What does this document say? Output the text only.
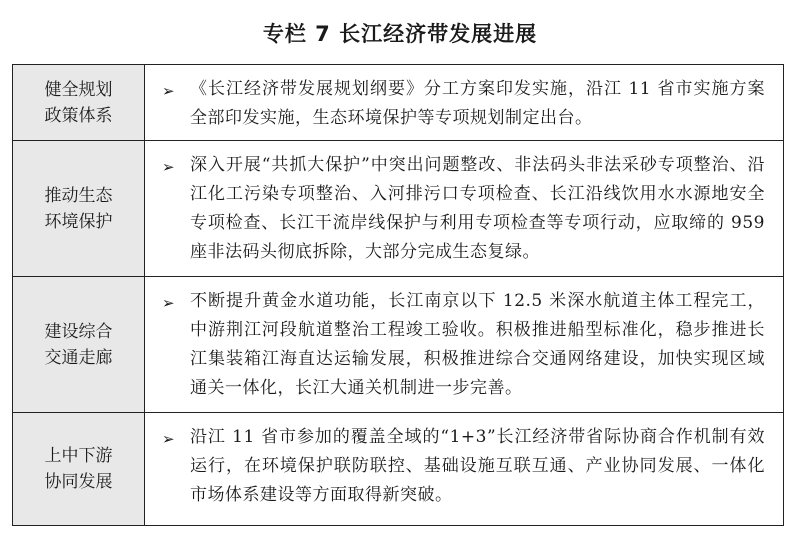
专栏 7 长江经济带发展进展
健全规划政策体系
➢ 《长江经济带发展规划纲要》分工方案印发实施，沿江 11 省市实施方案全部印发实施，生态环境保护等专项规划制定出台。
推动生态环境保护
➢ 深入开展“共抓大保护”中突出问题整改、非法码头非法采砂专项整治、沿江化工污染专项整治、入河排污口专项检查、长江沿线饮用水水源地安全专项检查、长江干流岸线保护与利用专项检查等专项行动，应取缔的 959 座非法码头彻底拆除，大部分完成生态复绿。
建设综合交通走廊
➢ 不断提升黄金水道功能，长江南京以下 12.5 米深水航道主体工程完工，中游荆江河段航道整治工程竣工验收。积极推进船型标准化，稳步推进长江集装箱江海直达运输发展，积极推进综合交通网络建设，加快实现区域通关一体化，长江大通关机制进一步完善。
上中下游协同发展
➢ 沿江 11 省市参加的覆盖全域的“1+3”长江经济带省际协商合作机制有效运行，在环境保护联防联控、基础设施互联互通、产业协同发展、一体化市场体系建设等方面取得新突破。
